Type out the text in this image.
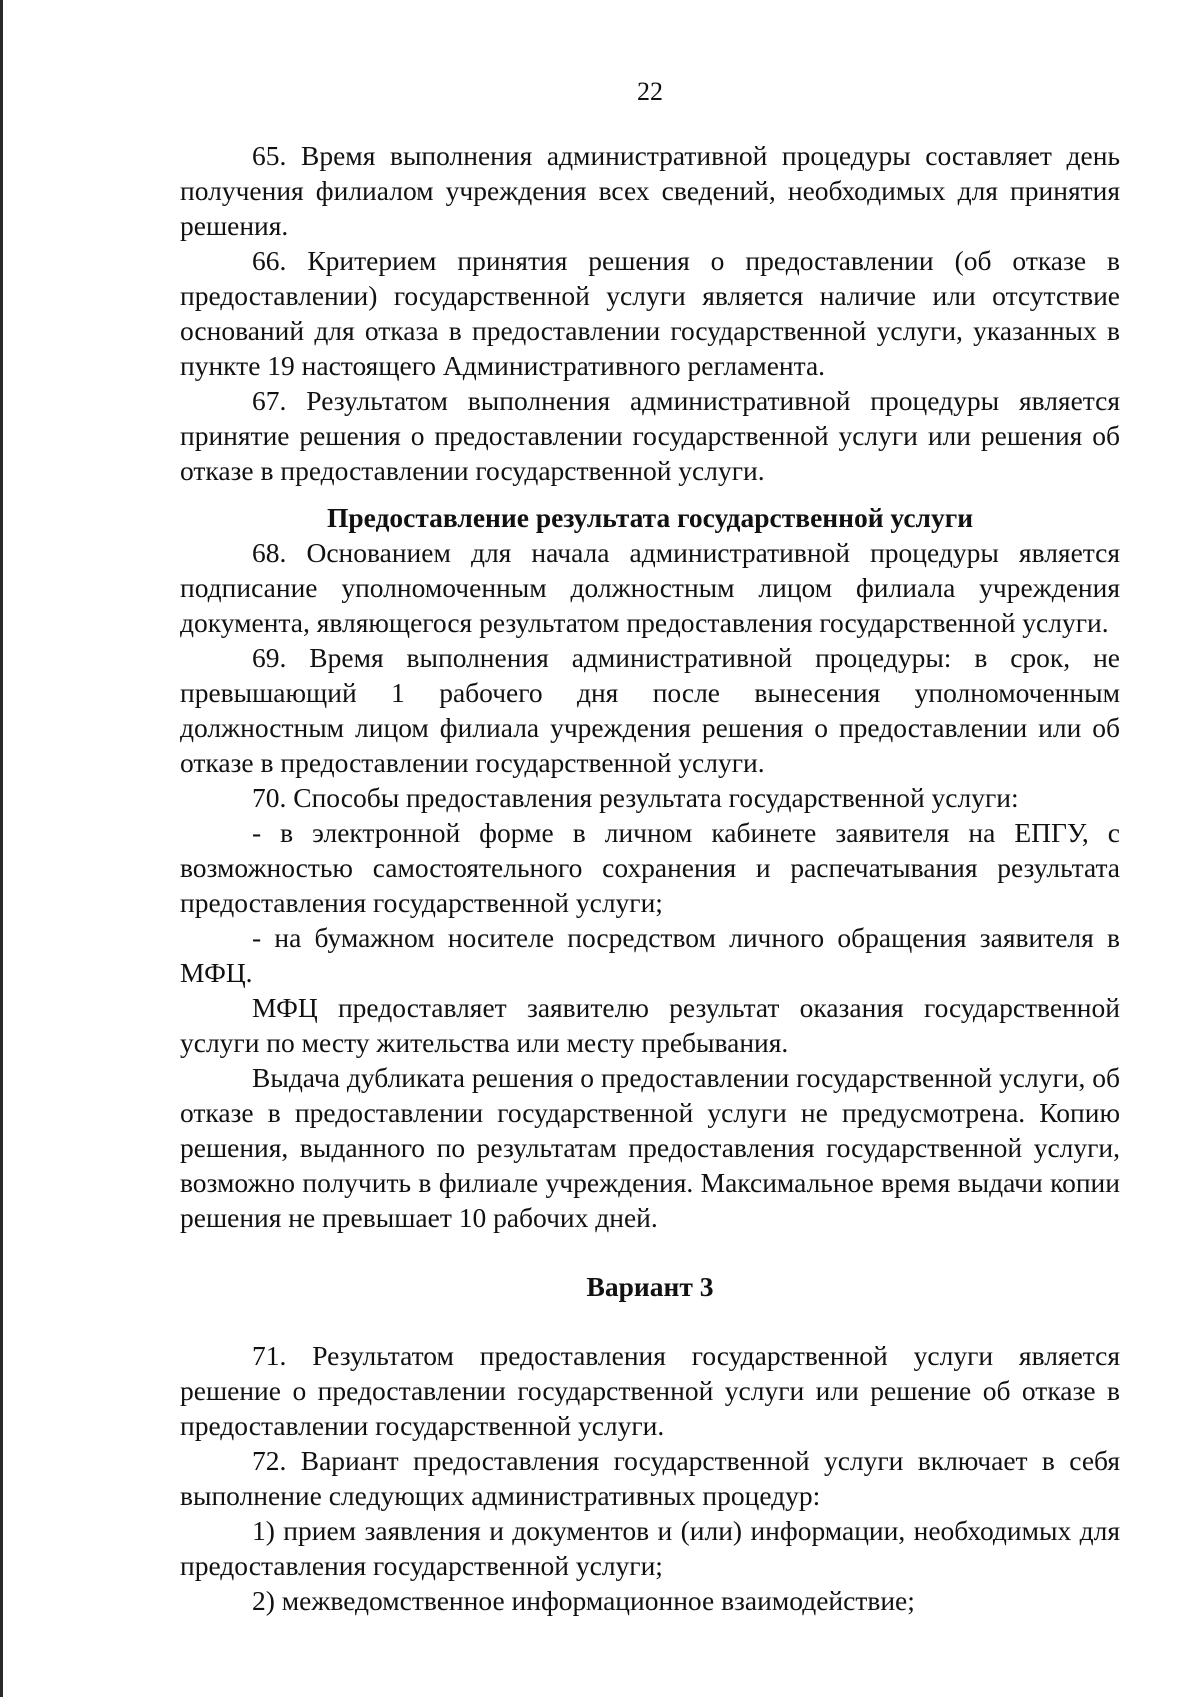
22

65. Время выполнения административной процедуры составляет день получения филиалом учреждения всех сведений, необходимых для принятия решения.

66. Критерием принятия решения о предоставлении (об отказе в предоставлении) государственной услуги является наличие или отсутствие оснований для отказа в предоставлении государственной услуги, указанных в пункте 19 настоящего Административного регламента.

67. Результатом выполнения административной процедуры является принятие решения о предоставлении государственной услуги или решения об отказе в предоставлении государственной услуги.

Предоставление результата государственной услуги

68. Основанием для начала административной процедуры является подписание уполномоченным должностным лицом филиала учреждения документа, являющегося результатом предоставления государственной услуги.

69. Время выполнения административной процедуры: в срок, не превышающий 1 рабочего дня после вынесения уполномоченным должностным лицом филиала учреждения решения о предоставлении или об отказе в предоставлении государственной услуги.

70. Способы предоставления результата государственной услуги:

- в электронной форме в личном кабинете заявителя на ЕПГУ, с возможностью самостоятельного сохранения и распечатывания результата предоставления государственной услуги;

- на бумажном носителе посредством личного обращения заявителя в МФЦ.

МФЦ предоставляет заявителю результат оказания государственной услуги по месту жительства или месту пребывания.

Выдача дубликата решения о предоставлении государственной услуги, об отказе в предоставлении государственной услуги не предусмотрена. Копию решения, выданного по результатам предоставления государственной услуги, возможно получить в филиале учреждения. Максимальное время выдачи копии решения не превышает 10 рабочих дней.

Вариант 3

71. Результатом предоставления государственной услуги является решение о предоставлении государственной услуги или решение об отказе в предоставлении государственной услуги.

72. Вариант предоставления государственной услуги включает в себя выполнение следующих административных процедур:

1) прием заявления и документов и (или) информации, необходимых для предоставления государственной услуги;

2) межведомственное информационное взаимодействие;
